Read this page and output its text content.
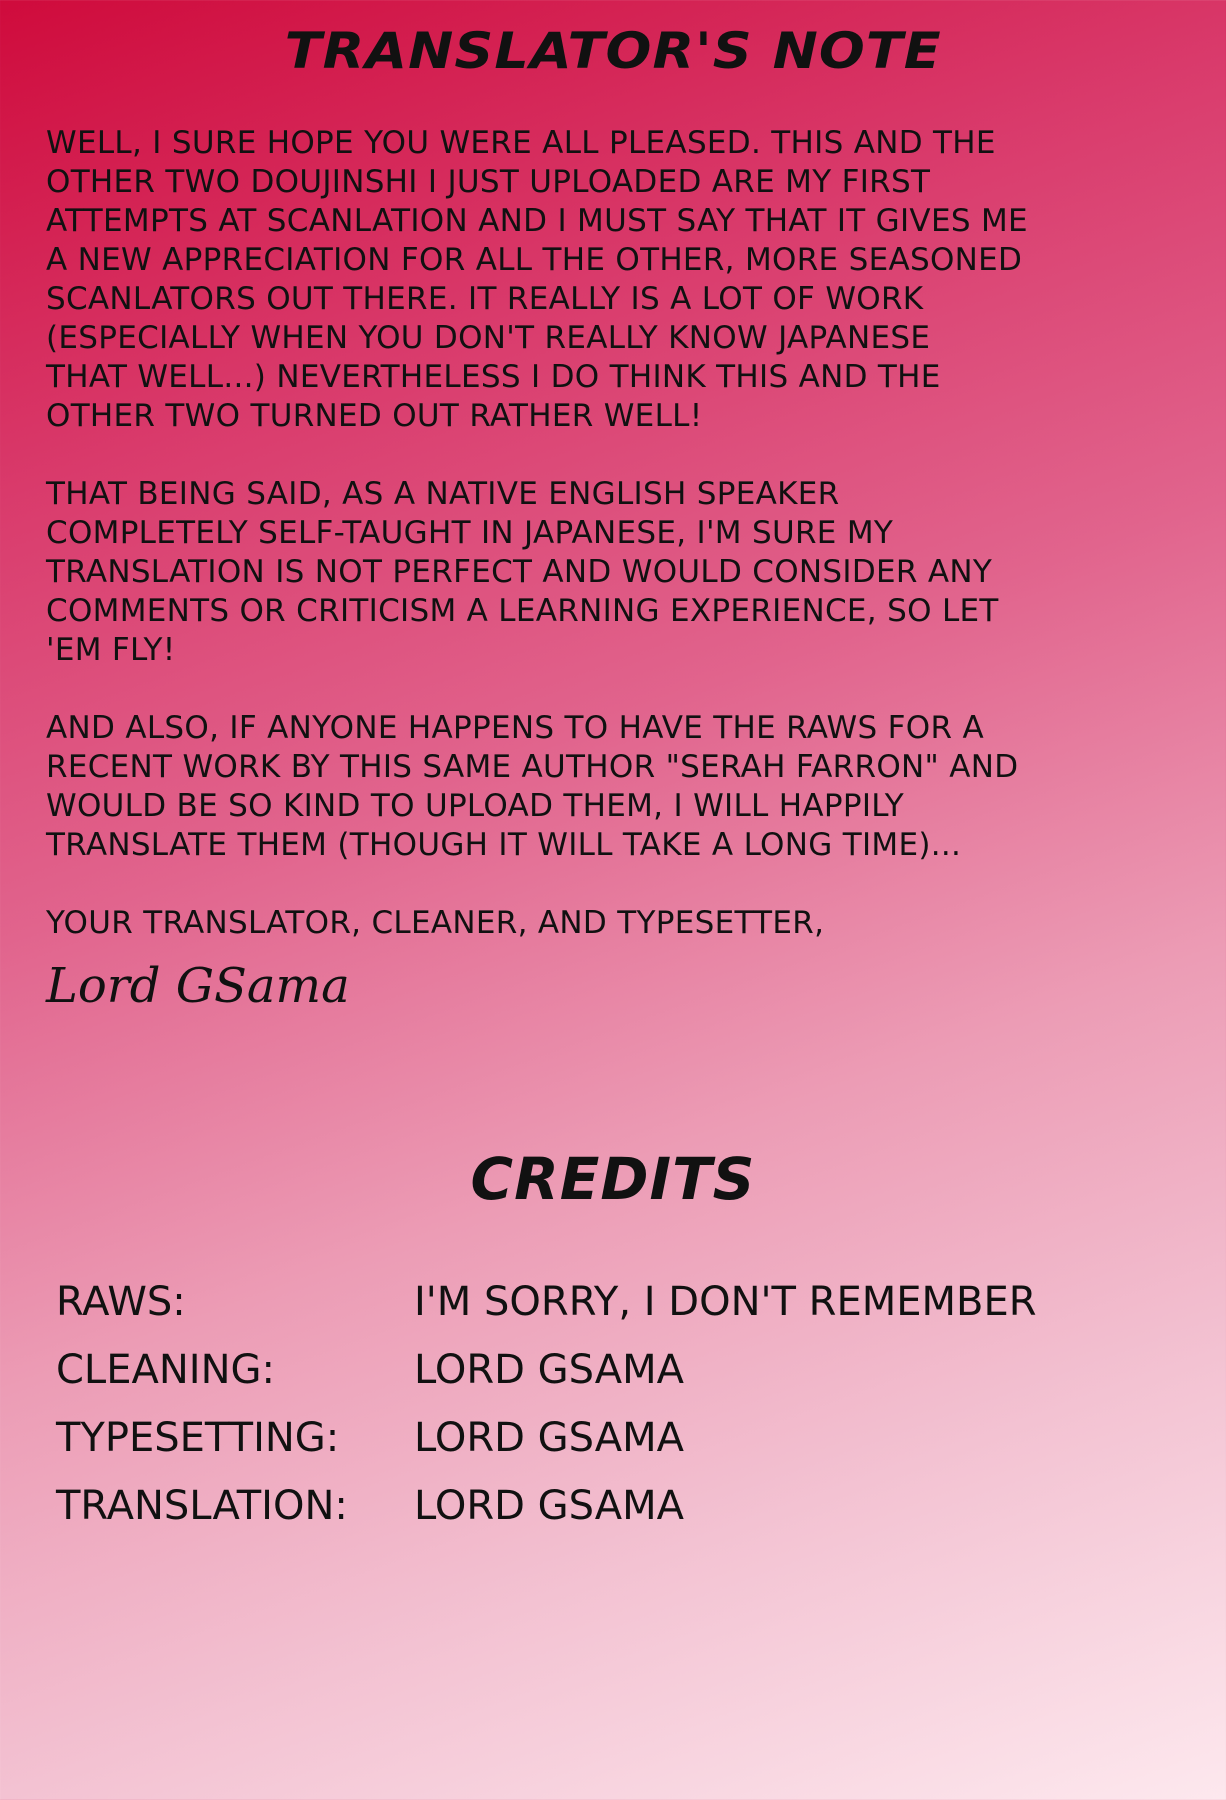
TRANSLATOR'S NOTE

WELL, I SURE HOPE YOU WERE ALL PLEASED. THIS AND THE
OTHER TWO DOUJINSHI I JUST UPLOADED ARE MY FIRST
ATTEMPTS AT SCANLATION AND I MUST SAY THAT IT GIVES ME
A NEW APPRECIATION FOR ALL THE OTHER, MORE SEASONED
SCANLATORS OUT THERE. IT REALLY IS A LOT OF WORK
(ESPECIALLY WHEN YOU DON'T REALLY KNOW JAPANESE
THAT WELL...) NEVERTHELESS I DO THINK THIS AND THE
OTHER TWO TURNED OUT RATHER WELL!

THAT BEING SAID, AS A NATIVE ENGLISH SPEAKER
COMPLETELY SELF-TAUGHT IN JAPANESE, I'M SURE MY
TRANSLATION IS NOT PERFECT AND WOULD CONSIDER ANY
COMMENTS OR CRITICISM A LEARNING EXPERIENCE, SO LET
'EM FLY!

AND ALSO, IF ANYONE HAPPENS TO HAVE THE RAWS FOR A
RECENT WORK BY THIS SAME AUTHOR "SERAH FARRON" AND
WOULD BE SO KIND TO UPLOAD THEM, I WILL HAPPILY
TRANSLATE THEM (THOUGH IT WILL TAKE A LONG TIME)...

YOUR TRANSLATOR, CLEANER, AND TYPESETTER,

Lord GSama
CREDITS
RAWS:	I'M SORRY, I DON'T REMEMBER
CLEANING:	LORD GSAMA
TYPESETTING:	LORD GSAMA
TRANSLATION:	LORD GSAMA
